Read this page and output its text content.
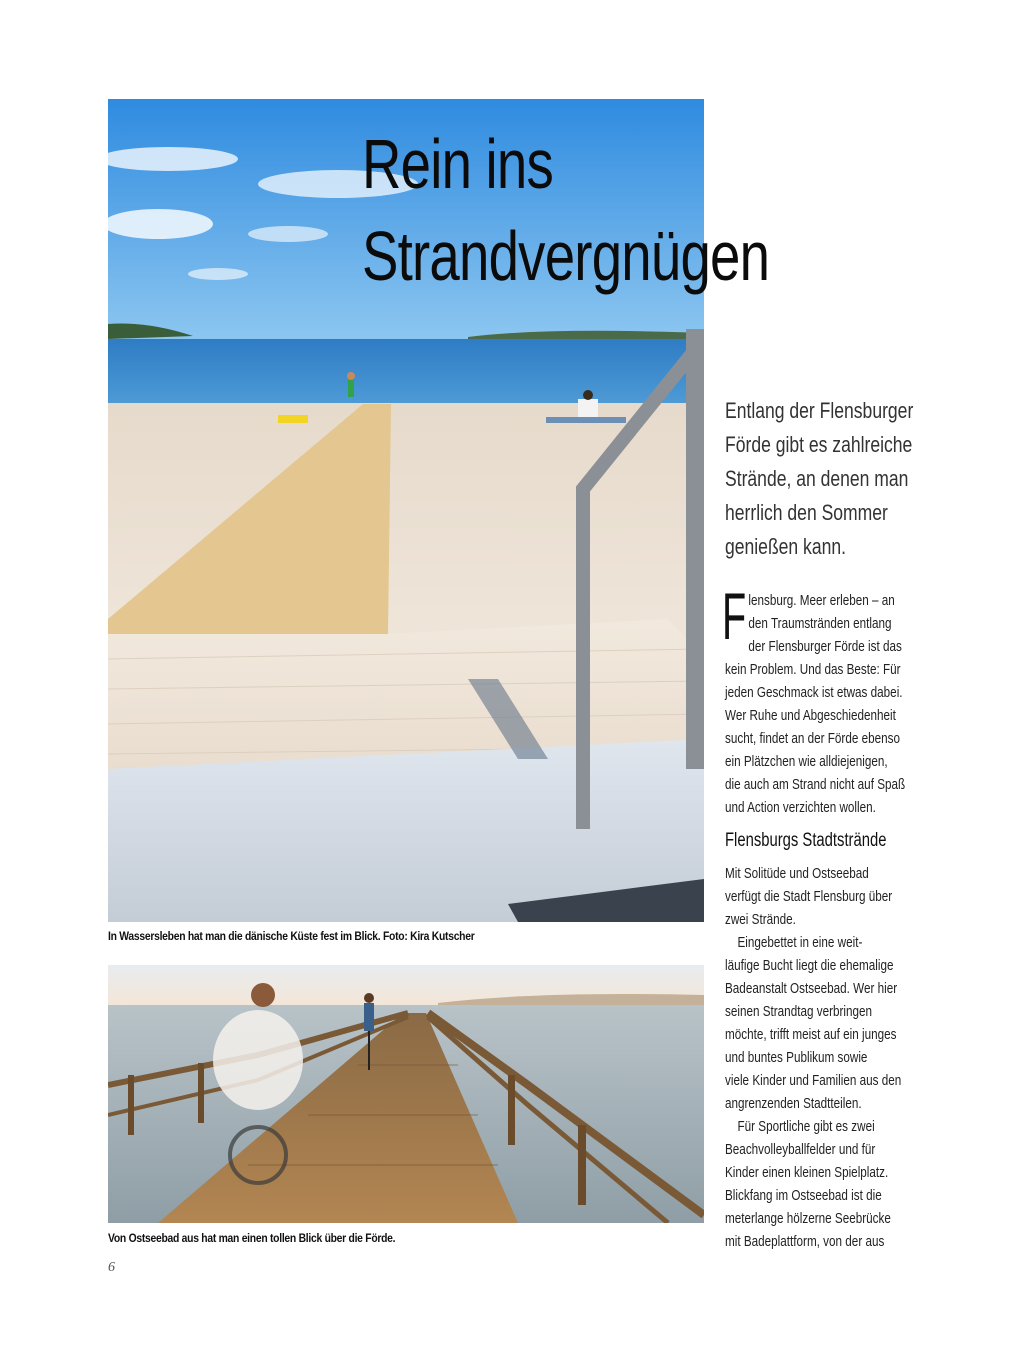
Rein ins
Strandvergnügen
In Wassersleben hat man die dänische Küste fest im Blick. Foto: Kira Kutscher
Von Ostseebad aus hat man einen tollen Blick über die Förde.
Entlang der Flensburger
Förde gibt es zahlreiche
Strände, an denen man
herrlich den Sommer
genießen kann.
F lensburg. Meer erleben – an
den Traumstränden entlang
der Flensburger Förde ist das
kein Problem. Und das Beste: Für
jeden Geschmack ist etwas dabei.
Wer Ruhe und Abgeschiedenheit
sucht, findet an der Förde ebenso
ein Plätzchen wie alldiejenigen,
die auch am Strand nicht auf Spaß
und Action verzichten wollen.
Flensburgs Stadtstrände
Mit Solitüde und Ostseebad
verfügt die Stadt Flensburg über
zwei Strände.
Eingebettet in eine weit-
läufige Bucht liegt die ehemalige
Badeanstalt Ostseebad. Wer hier
seinen Strandtag verbringen
möchte, trifft meist auf ein junges
und buntes Publikum sowie
viele Kinder und Familien aus den
angrenzenden Stadtteilen.
Für Sportliche gibt es zwei
Beachvolleyballfelder und für
Kinder einen kleinen Spielplatz.
Blickfang im Ostseebad ist die
meterlange hölzerne Seebrücke
mit Badeplattform, von der aus
6
